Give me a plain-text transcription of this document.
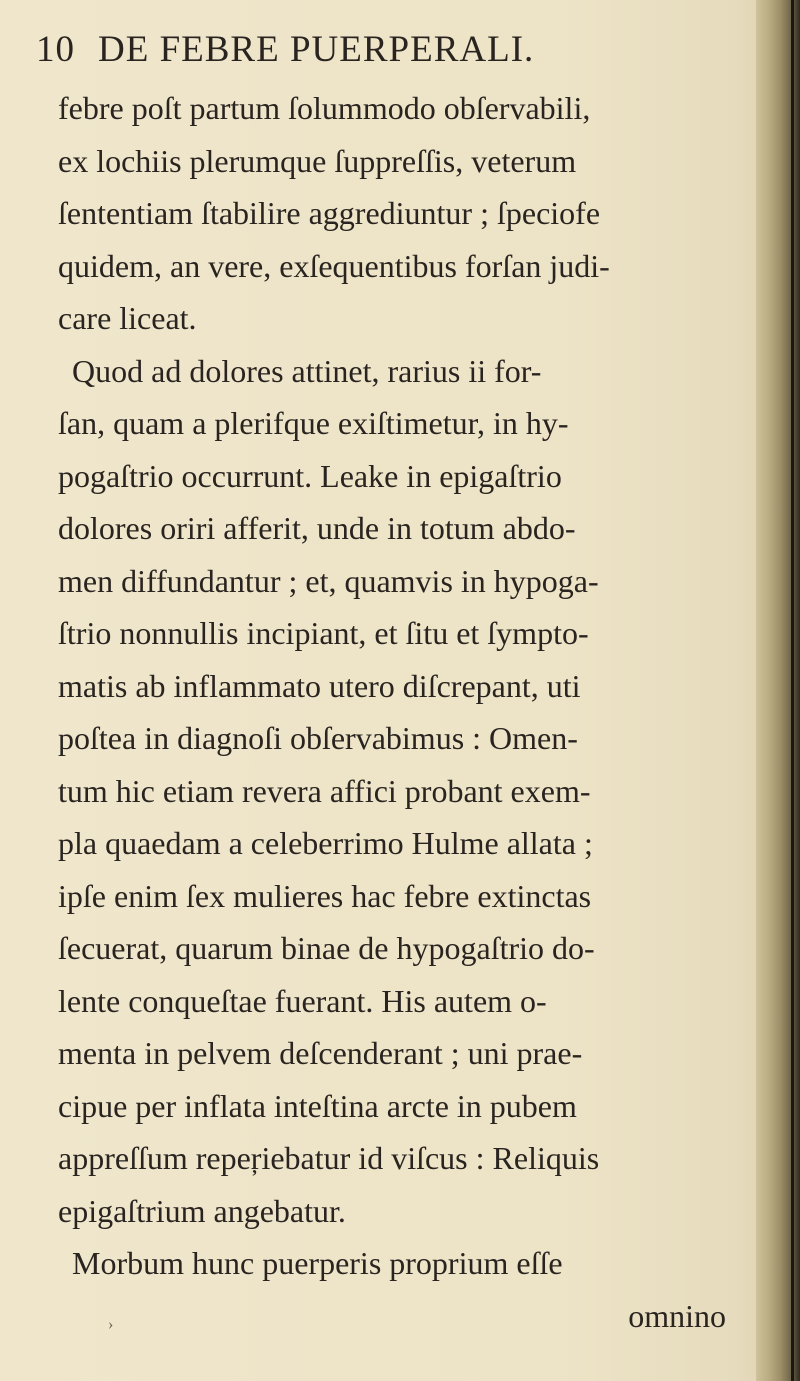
10 DE FEBRE PUERPERALI.
febre poſt partum ſolummodo obſervabili,
ex lochiis plerumque ſuppreſſis, veterum
ſententiam ſtabilire aggrediuntur ; ſpeciofe
quidem, an vere, exſequentibus forſan judi-
care liceat.
Quod ad dolores attinet, rarius ii for-
ſan, quam a plerifque exiſtimetur, in hy-
pogaſtrio occurrunt. Leake in epigaſtrio
dolores oriri afferit, unde in totum abdo-
men diffundantur ; et, quamvis in hypoga-
ſtrio nonnullis incipiant, et ſitu et ſympto-
matis ab inflammato utero diſcrepant, uti
poſtea in diagnoſi obſervabimus : Omen-
tum hic etiam revera affici probant exem-
pla quaedam a celeberrimo Hulme allata ;
ipſe enim ſex mulieres hac febre extinctas
ſecuerat, quarum binae de hypogaſtrio do-
lente conqueſtae fuerant. His autem o-
menta in pelvem deſcenderant ; uni prae-
cipue per inflata inteſtina arcte in pubem
appreſſum repeŗiebatur id viſcus : Reliquis
epigaſtrium angebatur.
Morbum hunc puerperis proprium eſſe
omnino
›
